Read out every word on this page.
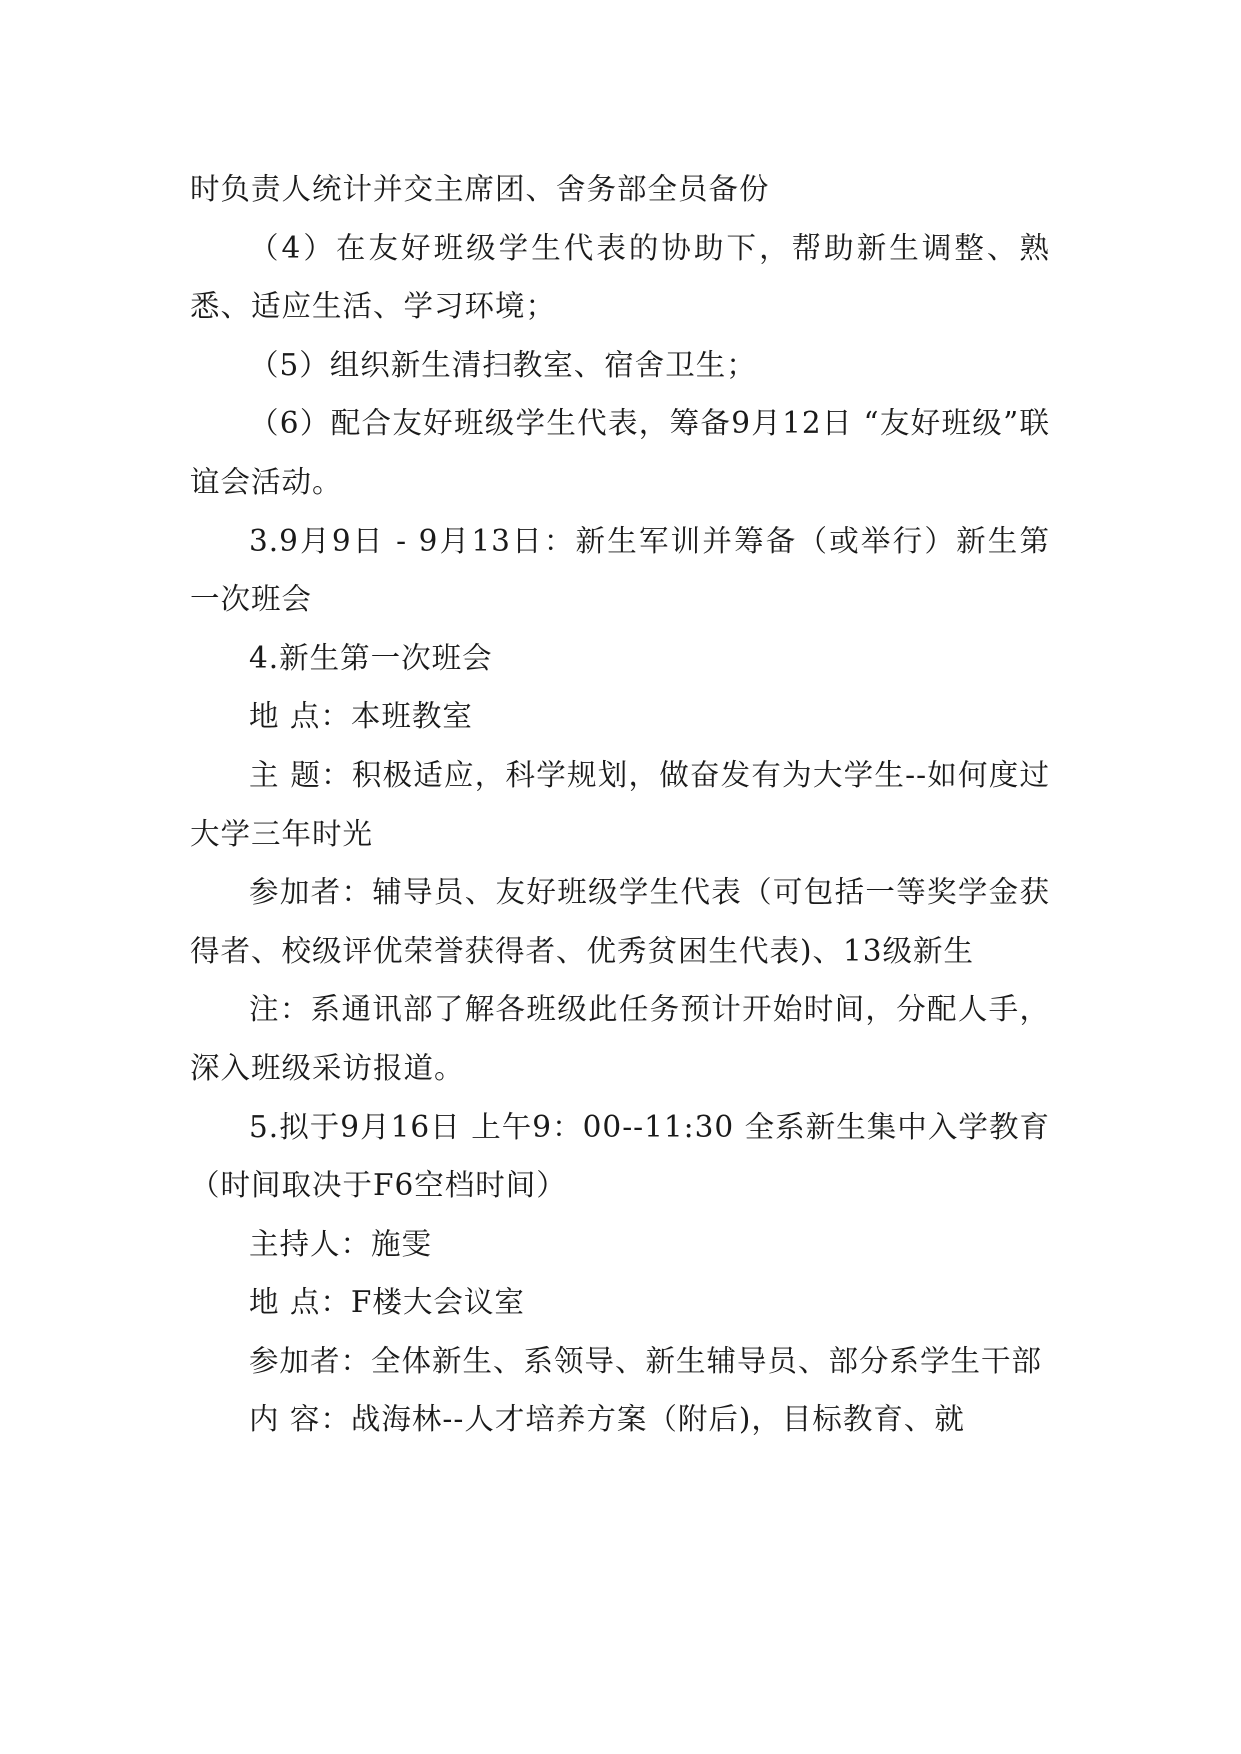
时负责人统计并交主席团、舍务部全员备份

（4）在友好班级学生代表的协助下，帮助新生调整、熟悉、适应生活、学习环境；

（5）组织新生清扫教室、宿舍卫生；

（6）配合友好班级学生代表，筹备9月12日 “友好班级”联谊会活动。

3.9月9日 - 9月13日：新生军训并筹备（或举行）新生第一次班会

4.新生第一次班会

地 点：本班教室

主 题：积极适应，科学规划，做奋发有为大学生--如何度过大学三年时光

参加者：辅导员、友好班级学生代表（可包括一等奖学金获得者、校级评优荣誉获得者、优秀贫困生代表)、13级新生

注：系通讯部了解各班级此任务预计开始时间，分配人手，深入班级采访报道。

5.拟于9月16日 上午9：00--11:30 全系新生集中入学教育（时间取决于F6空档时间）

主持人：施雯

地 点：F楼大会议室

参加者：全体新生、系领导、新生辅导员、部分系学生干部

内 容：战海林--人才培养方案（附后)，目标教育、就
